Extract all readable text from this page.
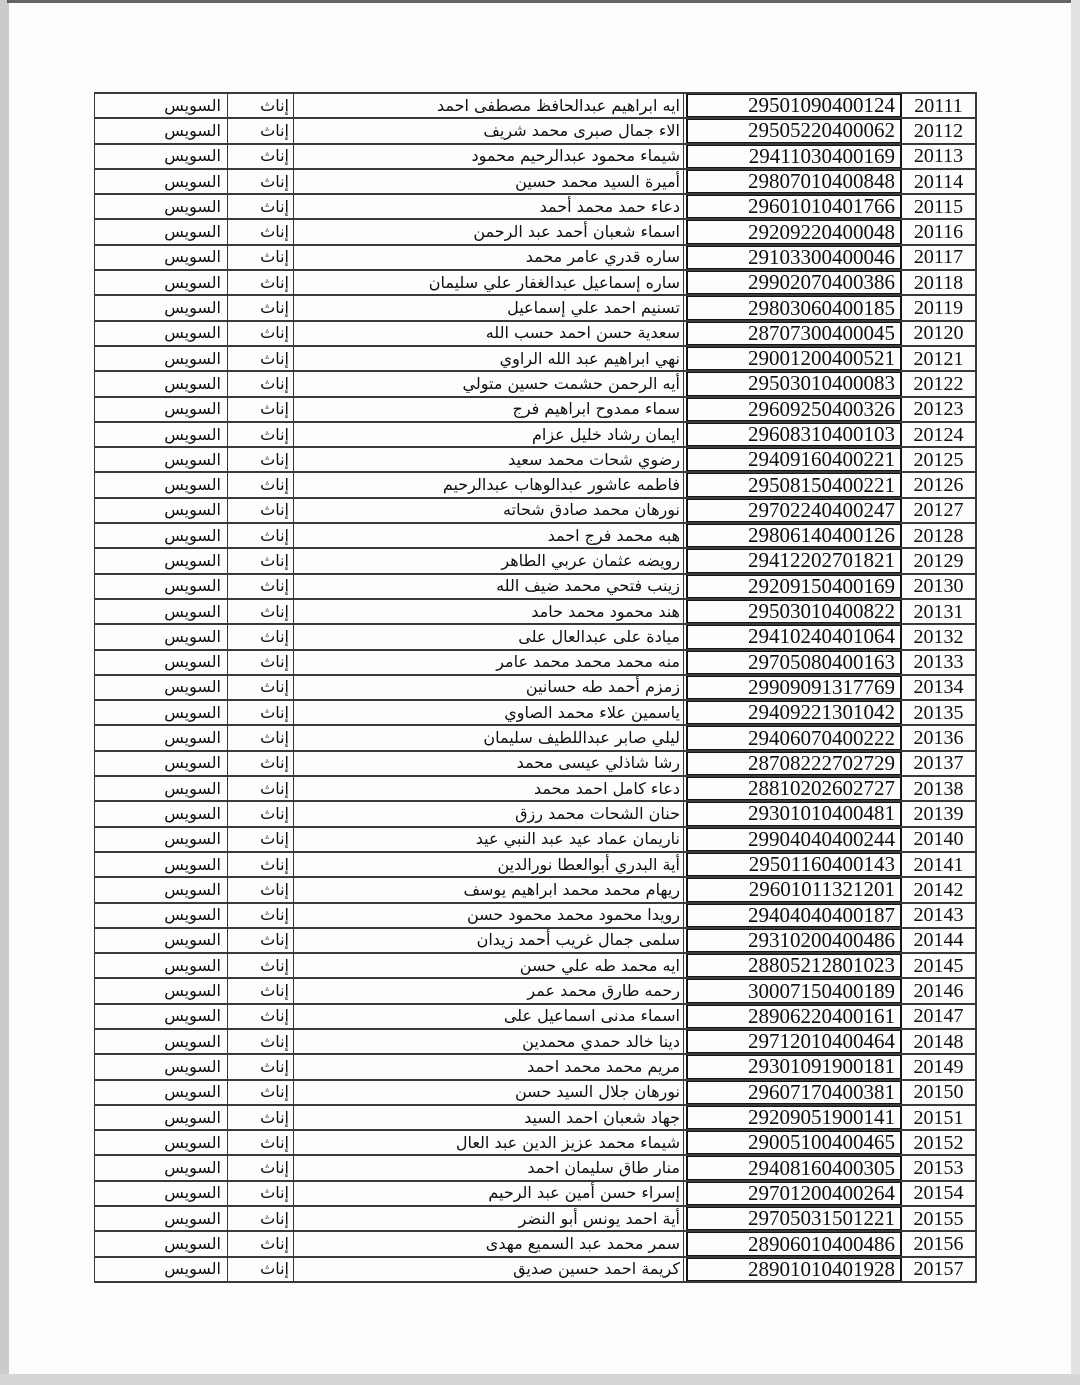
السويس إناث	ايه ابراهيم عبدالحافظ مصطفى احمد	29501090400124 20111
السويس إناث	الاء جمال صبرى محمد شريف	29505220400062 20112
السويس إناث	شيماء محمود عبدالرحيم محمود	29411030400169 20113
السويس إناث	أميرة السيد محمد حسين	29807010400848 20114
السويس إناث	دعاء حمد محمد أحمد	29601010401766 20115
السويس إناث	اسماء شعبان أحمد عبد الرحمن	29209220400048 20116
السويس إناث	ساره قدري عامر محمد	29103300400046 20117
السويس إناث	ساره إسماعيل عبدالغفار علي سليمان	29902070400386 20118
السويس إناث	تسنيم احمد علي إسماعيل	29803060400185 20119
السويس إناث	سعدية حسن احمد حسب الله	28707300400045 20120
السويس إناث	نهي ابراهيم عبد الله الراوي	29001200400521 20121
السويس إناث	أيه الرحمن حشمت حسين متولي	29503010400083 20122
السويس إناث	سماء ممدوح ابراهيم فرج	29609250400326 20123
السويس إناث	ايمان رشاد خليل عزام	29608310400103 20124
السويس إناث	رضوي شحات محمد سعيد	29409160400221 20125
السويس إناث	فاطمه عاشور عبدالوهاب عبدالرحيم	29508150400221 20126
السويس إناث	نورهان محمد صادق شحاته	29702240400247 20127
السويس إناث	هبه محمد فرج احمد	29806140400126 20128
السويس إناث	رويضه عثمان عربي الطاهر	29412202701821 20129
السويس إناث	زينب فتحي محمد ضيف الله	29209150400169 20130
السويس إناث	هند محمود محمد حامد	29503010400822 20131
السويس إناث	ميادة على عبدالعال على	29410240401064 20132
السويس إناث	منه محمد محمد محمد عامر	29705080400163 20133
السويس إناث	زمزم أحمد طه حسانين	29909091317769 20134
السويس إناث	ياسمين علاء محمد الصاوي	29409221301042 20135
السويس إناث	ليلي صابر عبداللطيف سليمان	29406070400222 20136
السويس إناث	رشا شاذلي عيسى محمد	28708222702729 20137
السويس إناث	دعاء كامل احمد محمد	28810202602727 20138
السويس إناث	حنان الشحات محمد رزق	29301010400481 20139
السويس إناث	ناريمان عماد عيد عبد النبي عيد	29904040400244 20140
السويس إناث	أية البدري أبوالعطا نورالدين	29501160400143 20141
السويس إناث	ريهام محمد محمد ابراهيم يوسف	29601011321201 20142
السويس إناث	رويدا محمود محمد محمود حسن	29404040400187 20143
السويس إناث	سلمى جمال غريب أحمد زيدان	29310200400486 20144
السويس إناث	ايه محمد طه علي حسن	28805212801023 20145
السويس إناث	رحمه طارق محمد عمر	30007150400189 20146
السويس إناث	اسماء مدنى اسماعيل على	28906220400161 20147
السويس إناث	دينا خالد حمدي محمدين	29712010400464 20148
السويس إناث	مريم محمد محمد احمد	29301091900181 20149
السويس إناث	نورهان جلال السيد حسن	29607170400381 20150
السويس إناث	جهاد شعبان احمد السيد	29209051900141 20151
السويس إناث	شيماء محمد عزيز الدين عبد العال	29005100400465 20152
السويس إناث	منار طاق سليمان احمد	29408160400305 20153
السويس إناث	إسراء حسن أمين عبد الرحيم	29701200400264 20154
السويس إناث	أية احمد يونس أبو النضر	29705031501221 20155
السويس إناث	سمر محمد عبد السميع مهدى	28906010400486 20156
السويس إناث	كريمة احمد حسين صديق	28901010401928 20157
